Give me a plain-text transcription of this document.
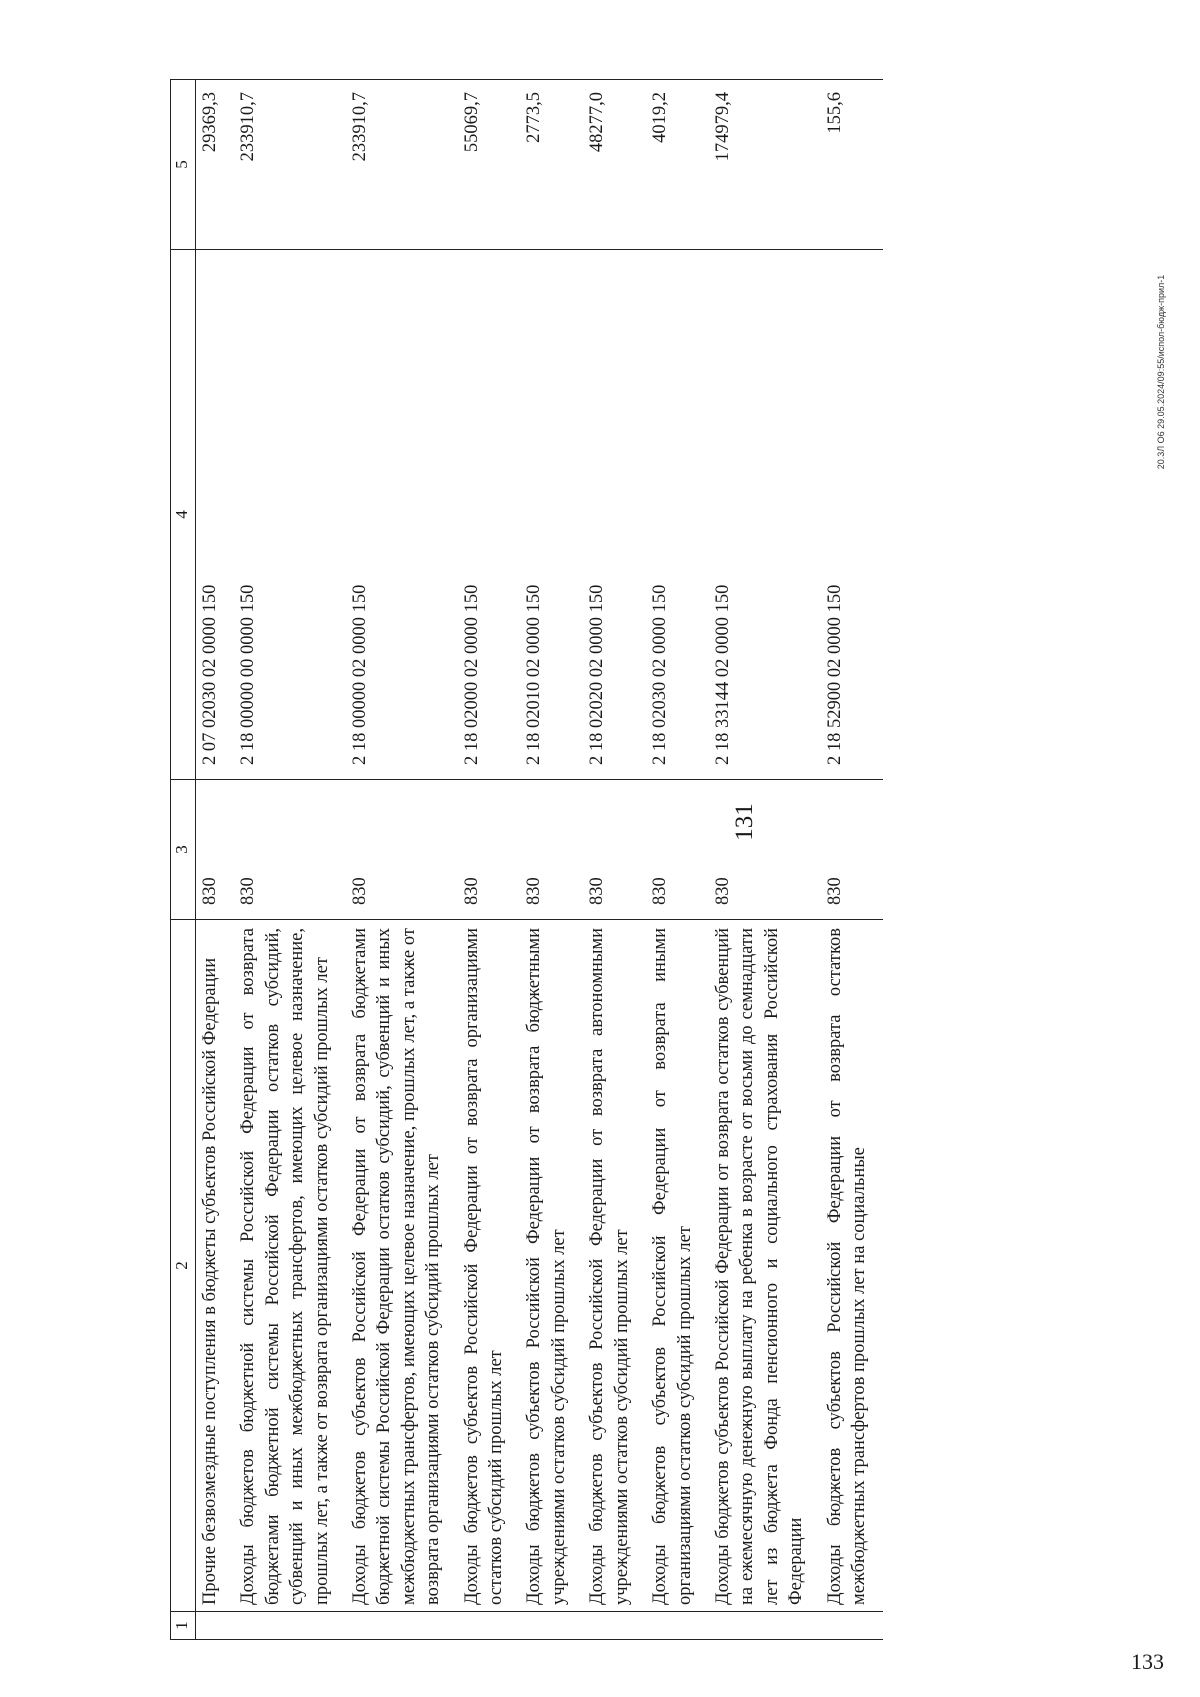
131
1	2	3	4	5
	Прочие безвозмездные поступления в бюджеты субъектов Российской Федерации	830	2 07 02030 02 0000 150	29369,3
	Доходы бюджетов бюджетной системы Российской Федерации от возврата бюджетами бюджетной системы Российской Федерации остатков субсидий, субвенций и иных межбюджетных трансфертов, имеющих целевое назначение, прошлых лет, а также от возврата организациями остатков субсидий прошлых лет	830	2 18 00000 00 0000 150	233910,7
	Доходы бюджетов субъектов Российской Федерации от возврата бюджетами бюджетной системы Российской Федерации остатков субсидий, субвенций и иных межбюджетных трансфертов, имеющих целевое назначение, прошлых лет, а также от возврата организациями остатков субсидий прошлых лет	830	2 18 00000 02 0000 150	233910,7
	Доходы бюджетов субъектов Российской Федерации от возврата организациями остатков субсидий прошлых лет	830	2 18 02000 02 0000 150	55069,7
	Доходы бюджетов субъектов Российской Федерации от возврата бюджетными учреждениями остатков субсидий прошлых лет	830	2 18 02010 02 0000 150	2773,5
	Доходы бюджетов субъектов Российской Федерации от возврата автономными учреждениями остатков субсидий прошлых лет	830	2 18 02020 02 0000 150	48277,0
	Доходы бюджетов субъектов Российской Федерации от возврата иными организациями остатков субсидий прошлых лет	830	2 18 02030 02 0000 150	4019,2
	Доходы бюджетов субъектов Российской Федерации от возврата остатков субвенций на ежемесячную денежную выплату на ребенка в возрасте от восьми до семнадцати лет из бюджета Фонда пенсионного и социального страхования Российской Федерации	830	2 18 33144 02 0000 150	174979,4
	Доходы бюджетов субъектов Российской Федерации от возврата остатков межбюджетных трансфертов прошлых лет на социальные	830	2 18 52900 02 0000 150	155,6
20.3Л О6 29.05.2024/09:55/испол-бюдж-прил-1
133
